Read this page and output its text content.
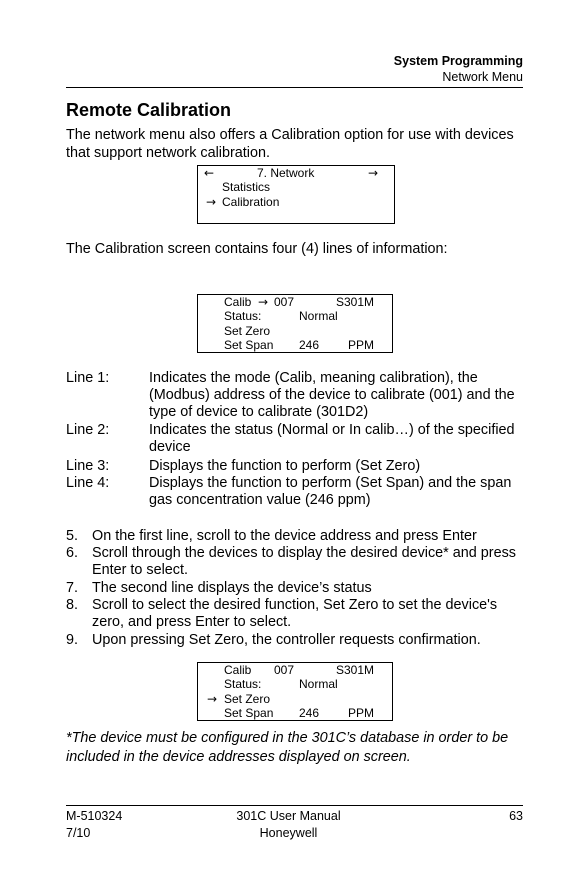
System Programming
Network Menu
Remote Calibration
The network menu also offers a Calibration option for use with devices that support network calibration.
←	7. Network	→
Statistics
→ Calibration
The Calibration screen contains four (4) lines of information:
Calib → 007	S301M
Status:	Normal
Set Zero
Set Span 246 PPM
Line 1:	Indicates the mode (Calib, meaning calibration), the (Modbus) address of the device to calibrate (001) and the type of device to calibrate (301D2)
Line 2:	Indicates the status (Normal or In calib…) of the specified device
Line 3:	Displays the function to perform (Set Zero)
Line 4:	Displays the function to perform (Set Span) and the span gas concentration value (246 ppm)
5. On the first line, scroll to the device address and press Enter
6. Scroll through the devices to display the desired device* and press Enter to select.
7. The second line displays the device’s status
8. Scroll to select the desired function, Set Zero to set the device's zero, and press Enter to select.
9. Upon pressing Set Zero, the controller requests confirmation.
Calib 007	S301M
Status:	Normal
→ Set Zero
Set Span 246 PPM
*The device must be configured in the 301C’s database in order to be included in the device addresses displayed on screen.
M-510324
7/10
301C User Manual
Honeywell
63
